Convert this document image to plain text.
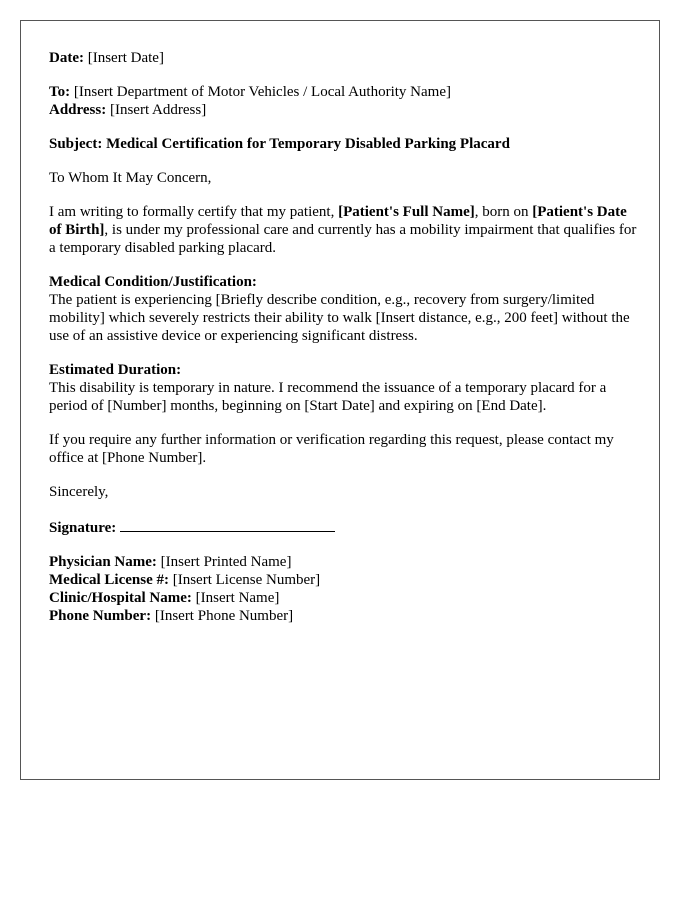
Date: [Insert Date]

To: [Insert Department of Motor Vehicles / Local Authority Name]
Address: [Insert Address]

Subject: Medical Certification for Temporary Disabled Parking Placard

To Whom It May Concern,

I am writing to formally certify that my patient, [Patient's Full Name], born on [Patient's Date of Birth], is under my professional care and currently has a mobility impairment that qualifies for a temporary disabled parking placard.

Medical Condition/Justification:
The patient is experiencing [Briefly describe condition, e.g., recovery from surgery/limited mobility] which severely restricts their ability to walk [Insert distance, e.g., 200 feet] without the use of an assistive device or experiencing significant distress.

Estimated Duration:
This disability is temporary in nature. I recommend the issuance of a temporary placard for a period of [Number] months, beginning on [Start Date] and expiring on [End Date].

If you require any further information or verification regarding this request, please contact my office at [Phone Number].

Sincerely,

Signature:

Physician Name: [Insert Printed Name]
Medical License #: [Insert License Number]
Clinic/Hospital Name: [Insert Name]
Phone Number: [Insert Phone Number]
